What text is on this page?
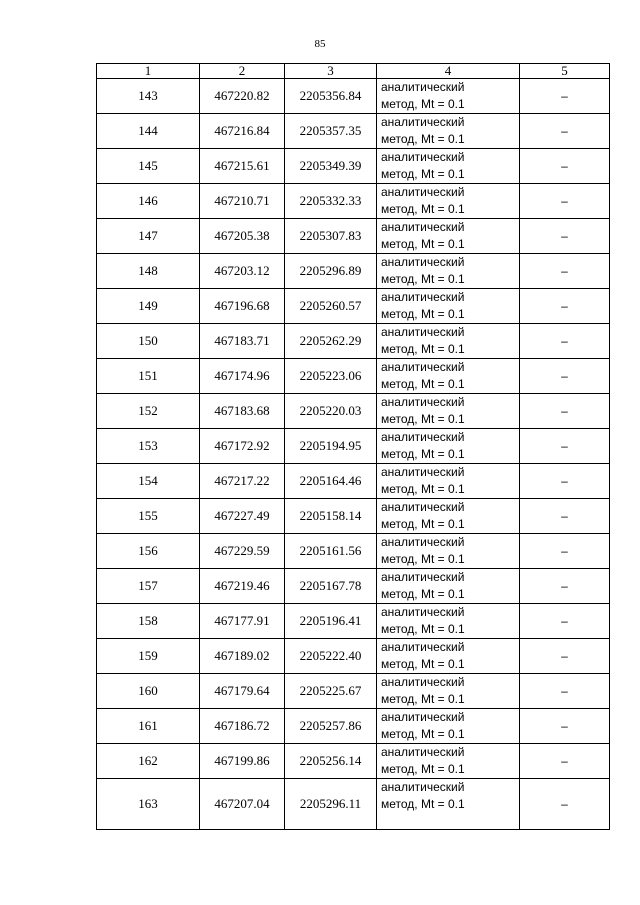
85
1	2	3	4	5
143	467220.82	2205356.84	аналитический
метод, Mt = 0.1	–
144	467216.84	2205357.35	аналитический
метод, Mt = 0.1	–
145	467215.61	2205349.39	аналитический
метод, Mt = 0.1	–
146	467210.71	2205332.33	аналитический
метод, Mt = 0.1	–
147	467205.38	2205307.83	аналитический
метод, Mt = 0.1	–
148	467203.12	2205296.89	аналитический
метод, Mt = 0.1	–
149	467196.68	2205260.57	аналитический
метод, Mt = 0.1	–
150	467183.71	2205262.29	аналитический
метод, Mt = 0.1	–
151	467174.96	2205223.06	аналитический
метод, Mt = 0.1	–
152	467183.68	2205220.03	аналитический
метод, Mt = 0.1	–
153	467172.92	2205194.95	аналитический
метод, Mt = 0.1	–
154	467217.22	2205164.46	аналитический
метод, Mt = 0.1	–
155	467227.49	2205158.14	аналитический
метод, Mt = 0.1	–
156	467229.59	2205161.56	аналитический
метод, Mt = 0.1	–
157	467219.46	2205167.78	аналитический
метод, Mt = 0.1	–
158	467177.91	2205196.41	аналитический
метод, Mt = 0.1	–
159	467189.02	2205222.40	аналитический
метод, Mt = 0.1	–
160	467179.64	2205225.67	аналитический
метод, Mt = 0.1	–
161	467186.72	2205257.86	аналитический
метод, Mt = 0.1	–
162	467199.86	2205256.14	аналитический
метод, Mt = 0.1	–
163	467207.04	2205296.11	аналитический
метод, Mt = 0.1	–
